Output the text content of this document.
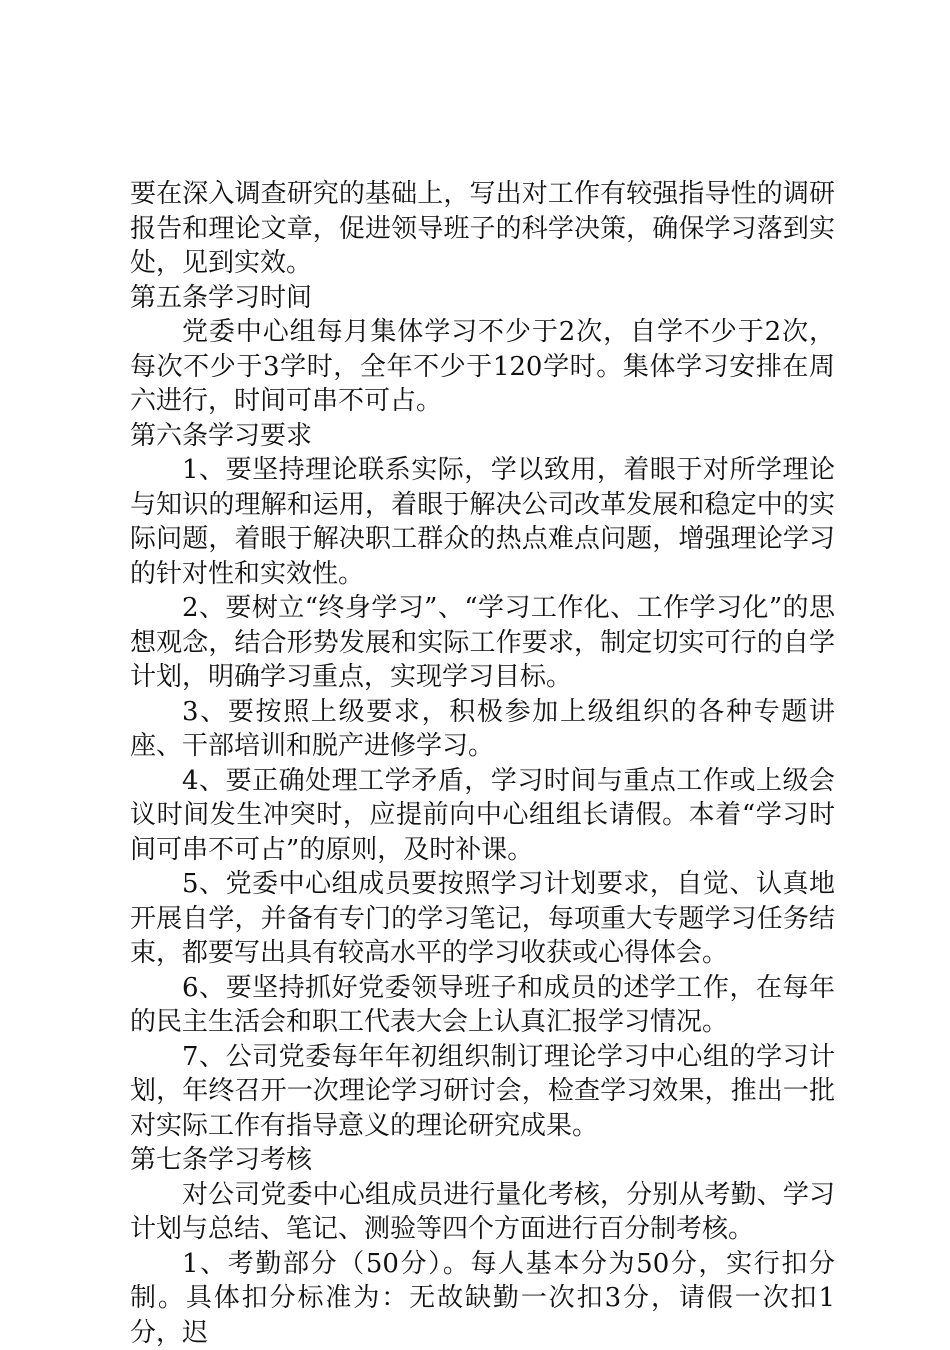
要在深入调查研究的基础上，写出对工作有较强指导性的调研报告和理论文章，促进领导班子的科学决策，确保学习落到实处，见到实效。

第五条学习时间

党委中心组每月集体学习不少于2次，自学不少于2次，每次不少于3学时，全年不少于120学时。集体学习安排在周六进行，时间可串不可占。

第六条学习要求

1、要坚持理论联系实际，学以致用，着眼于对所学理论与知识的理解和运用，着眼于解决公司改革发展和稳定中的实际问题，着眼于解决职工群众的热点难点问题，增强理论学习的针对性和实效性。

2、要树立“终身学习”、“学习工作化、工作学习化”的思想观念，结合形势发展和实际工作要求，制定切实可行的自学计划，明确学习重点，实现学习目标。

3、要按照上级要求，积极参加上级组织的各种专题讲座、干部培训和脱产进修学习。

4、要正确处理工学矛盾，学习时间与重点工作或上级会议时间发生冲突时，应提前向中心组组长请假。本着“学习时间可串不可占”的原则，及时补课。

5、党委中心组成员要按照学习计划要求，自觉、认真地开展自学，并备有专门的学习笔记，每项重大专题学习任务结束，都要写出具有较高水平的学习收获或心得体会。

6、要坚持抓好党委领导班子和成员的述学工作，在每年的民主生活会和职工代表大会上认真汇报学习情况。

7、公司党委每年年初组织制订理论学习中心组的学习计划，年终召开一次理论学习研讨会，检查学习效果，推出一批对实际工作有指导意义的理论研究成果。

第七条学习考核

对公司党委中心组成员进行量化考核，分别从考勤、学习计划与总结、笔记、测验等四个方面进行百分制考核。

1、考勤部分（50分）。每人基本分为50分，实行扣分制。具体扣分标准为：无故缺勤一次扣3分，请假一次扣1分，迟
